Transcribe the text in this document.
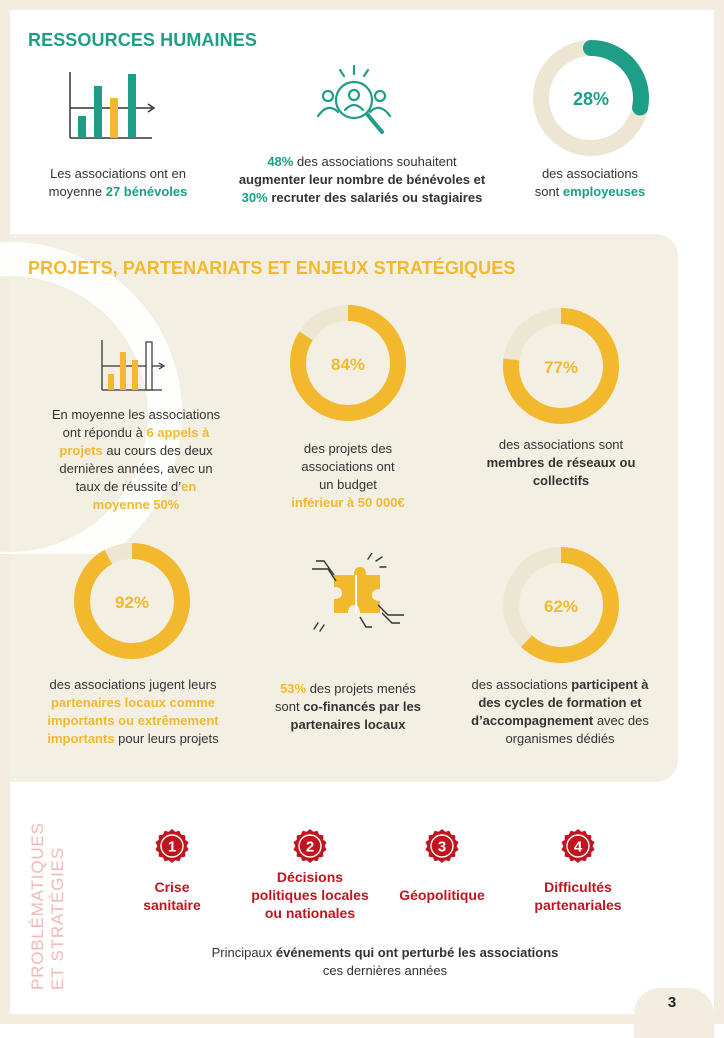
RESSOURCES HUMAINES
Les associations ont en
moyenne 27 bénévoles
48% des associations souhaitent
augmenter leur nombre de bénévoles et
30% recruter des salariés ou stagiaires
28%
des associations
sont employeuses
PROJETS, PARTENARIATS ET ENJEUX STRATÉGIQUES
En moyenne les associations
ont répondu à 6 appels à
projets au cours des deux
dernières années, avec un
taux de réussite d’en
moyenne 50%
84%
des projets des
associations ont
un budget
inférieur à 50 000€
77%
des associations sont
membres de réseaux ou
collectifs
92%
des associations jugent leurs
partenaires locaux comme
importants ou extrêmement
importants pour leurs projets
53% des projets menés
sont co-financés par les
partenaires locaux
62%
des associations participent à
des cycles de formation et
d’accompagnement avec des
organismes dédiés
PROBLÉMATIQUES
ET STRATÉGIES
1
Crise
sanitaire
2
Décisions
politiques locales
ou nationales
3
Géopolitique
4
Difficultés
partenariales
Principaux événements qui ont perturbé les associations
ces dernières années
3
